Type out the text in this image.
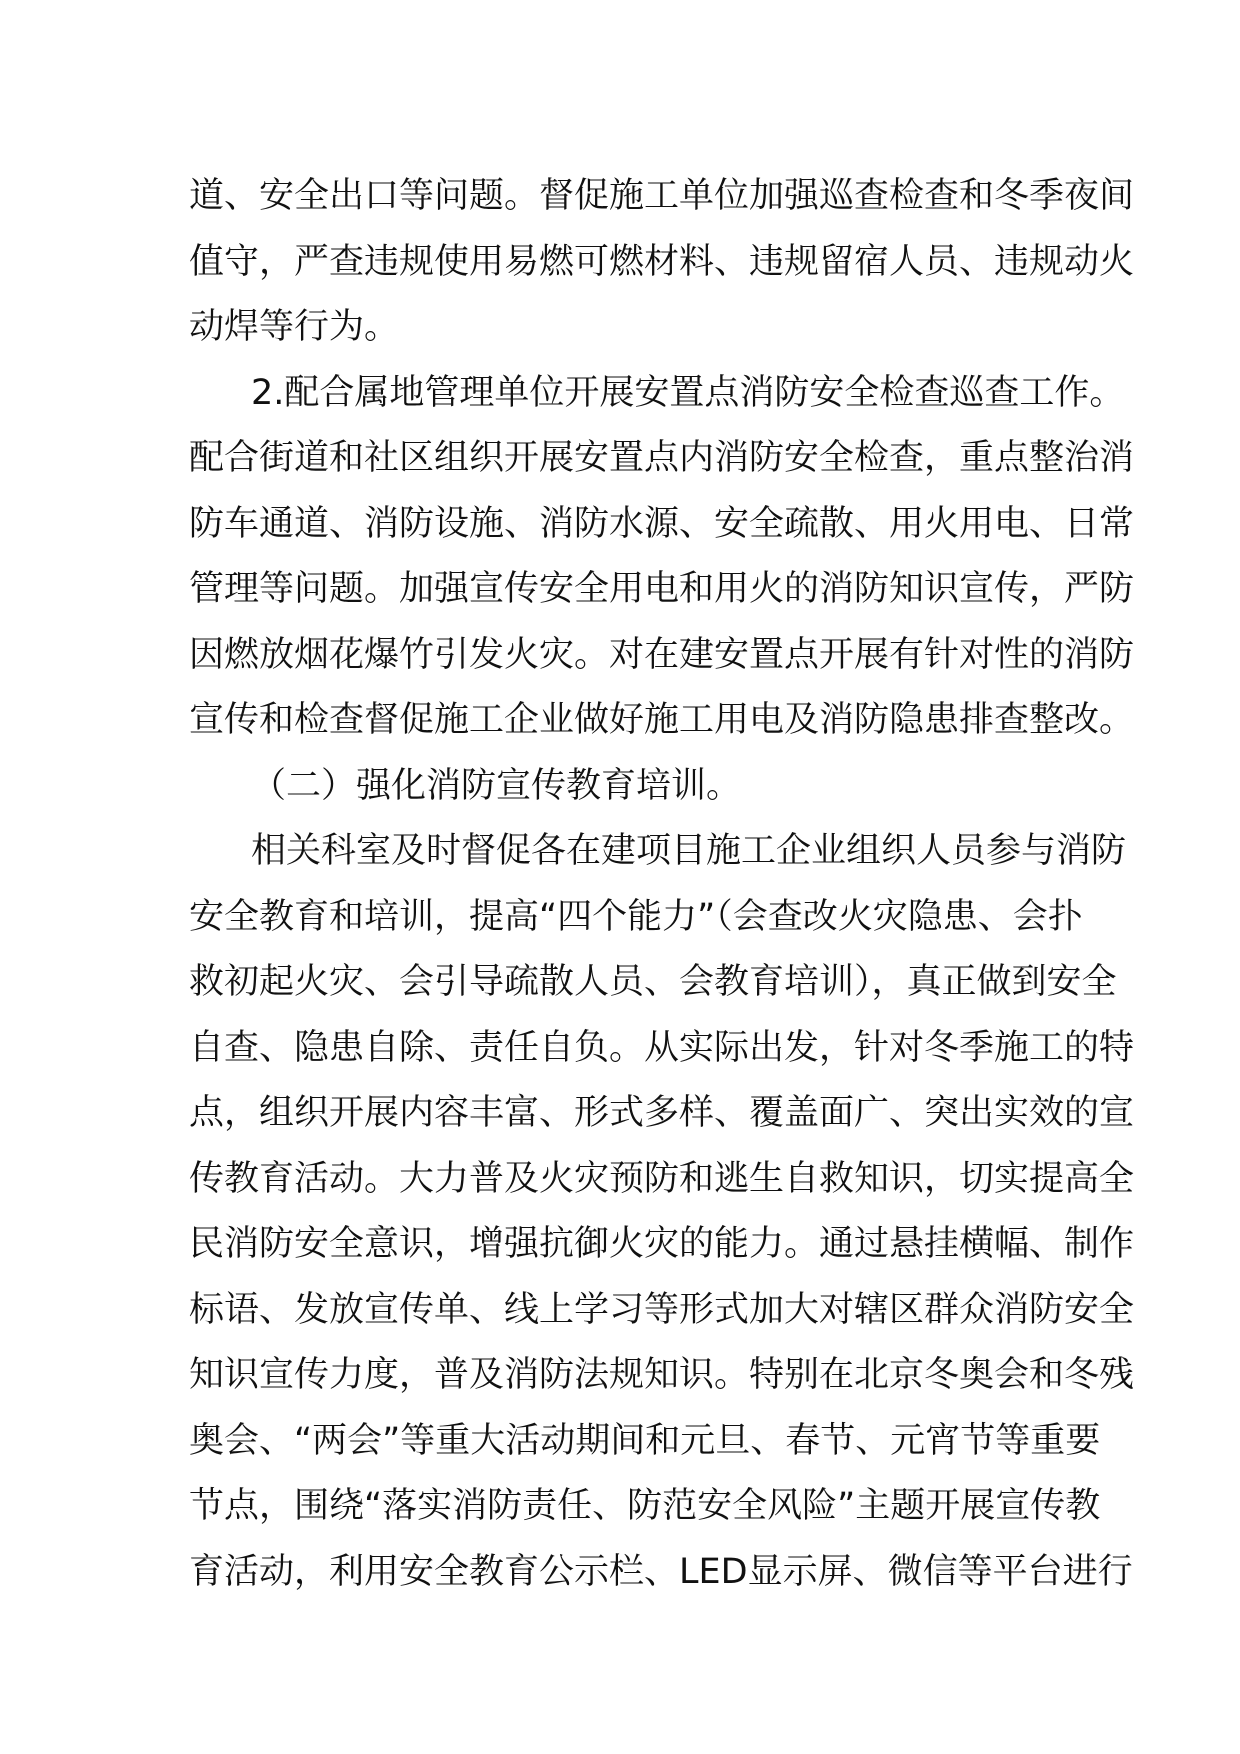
道、安全出口等问题。督促施工单位加强巡查检查和冬季夜间
值守，严查违规使用易燃可燃材料、违规留宿人员、违规动火
动焊等行为。
2.配合属地管理单位开展安置点消防安全检查巡查工作。
配合街道和社区组织开展安置点内消防安全检查，重点整治消
防车通道、消防设施、消防水源、安全疏散、用火用电、日常
管理等问题。加强宣传安全用电和用火的消防知识宣传，严防
因燃放烟花爆竹引发火灾。对在建安置点开展有针对性的消防
宣传和检查督促施工企业做好施工用电及消防隐患排查整改。
（二）强化消防宣传教育培训。
相关科室及时督促各在建项目施工企业组织人员参与消防
安全教育和培训，提高“四个能力”（会查改火灾隐患、会扑
救初起火灾、会引导疏散人员、会教育培训），真正做到安全
自查、隐患自除、责任自负。从实际出发，针对冬季施工的特
点，组织开展内容丰富、形式多样、覆盖面广、突出实效的宣
传教育活动。大力普及火灾预防和逃生自救知识，切实提高全
民消防安全意识，增强抗御火灾的能力。通过悬挂横幅、制作
标语、发放宣传单、线上学习等形式加大对辖区群众消防安全
知识宣传力度，普及消防法规知识。特别在北京冬奥会和冬残
奥会、“两会”等重大活动期间和元旦、春节、元宵节等重要
节点，围绕“落实消防责任、防范安全风险”主题开展宣传教
育活动，利用安全教育公示栏、LED显示屏、微信等平台进行
